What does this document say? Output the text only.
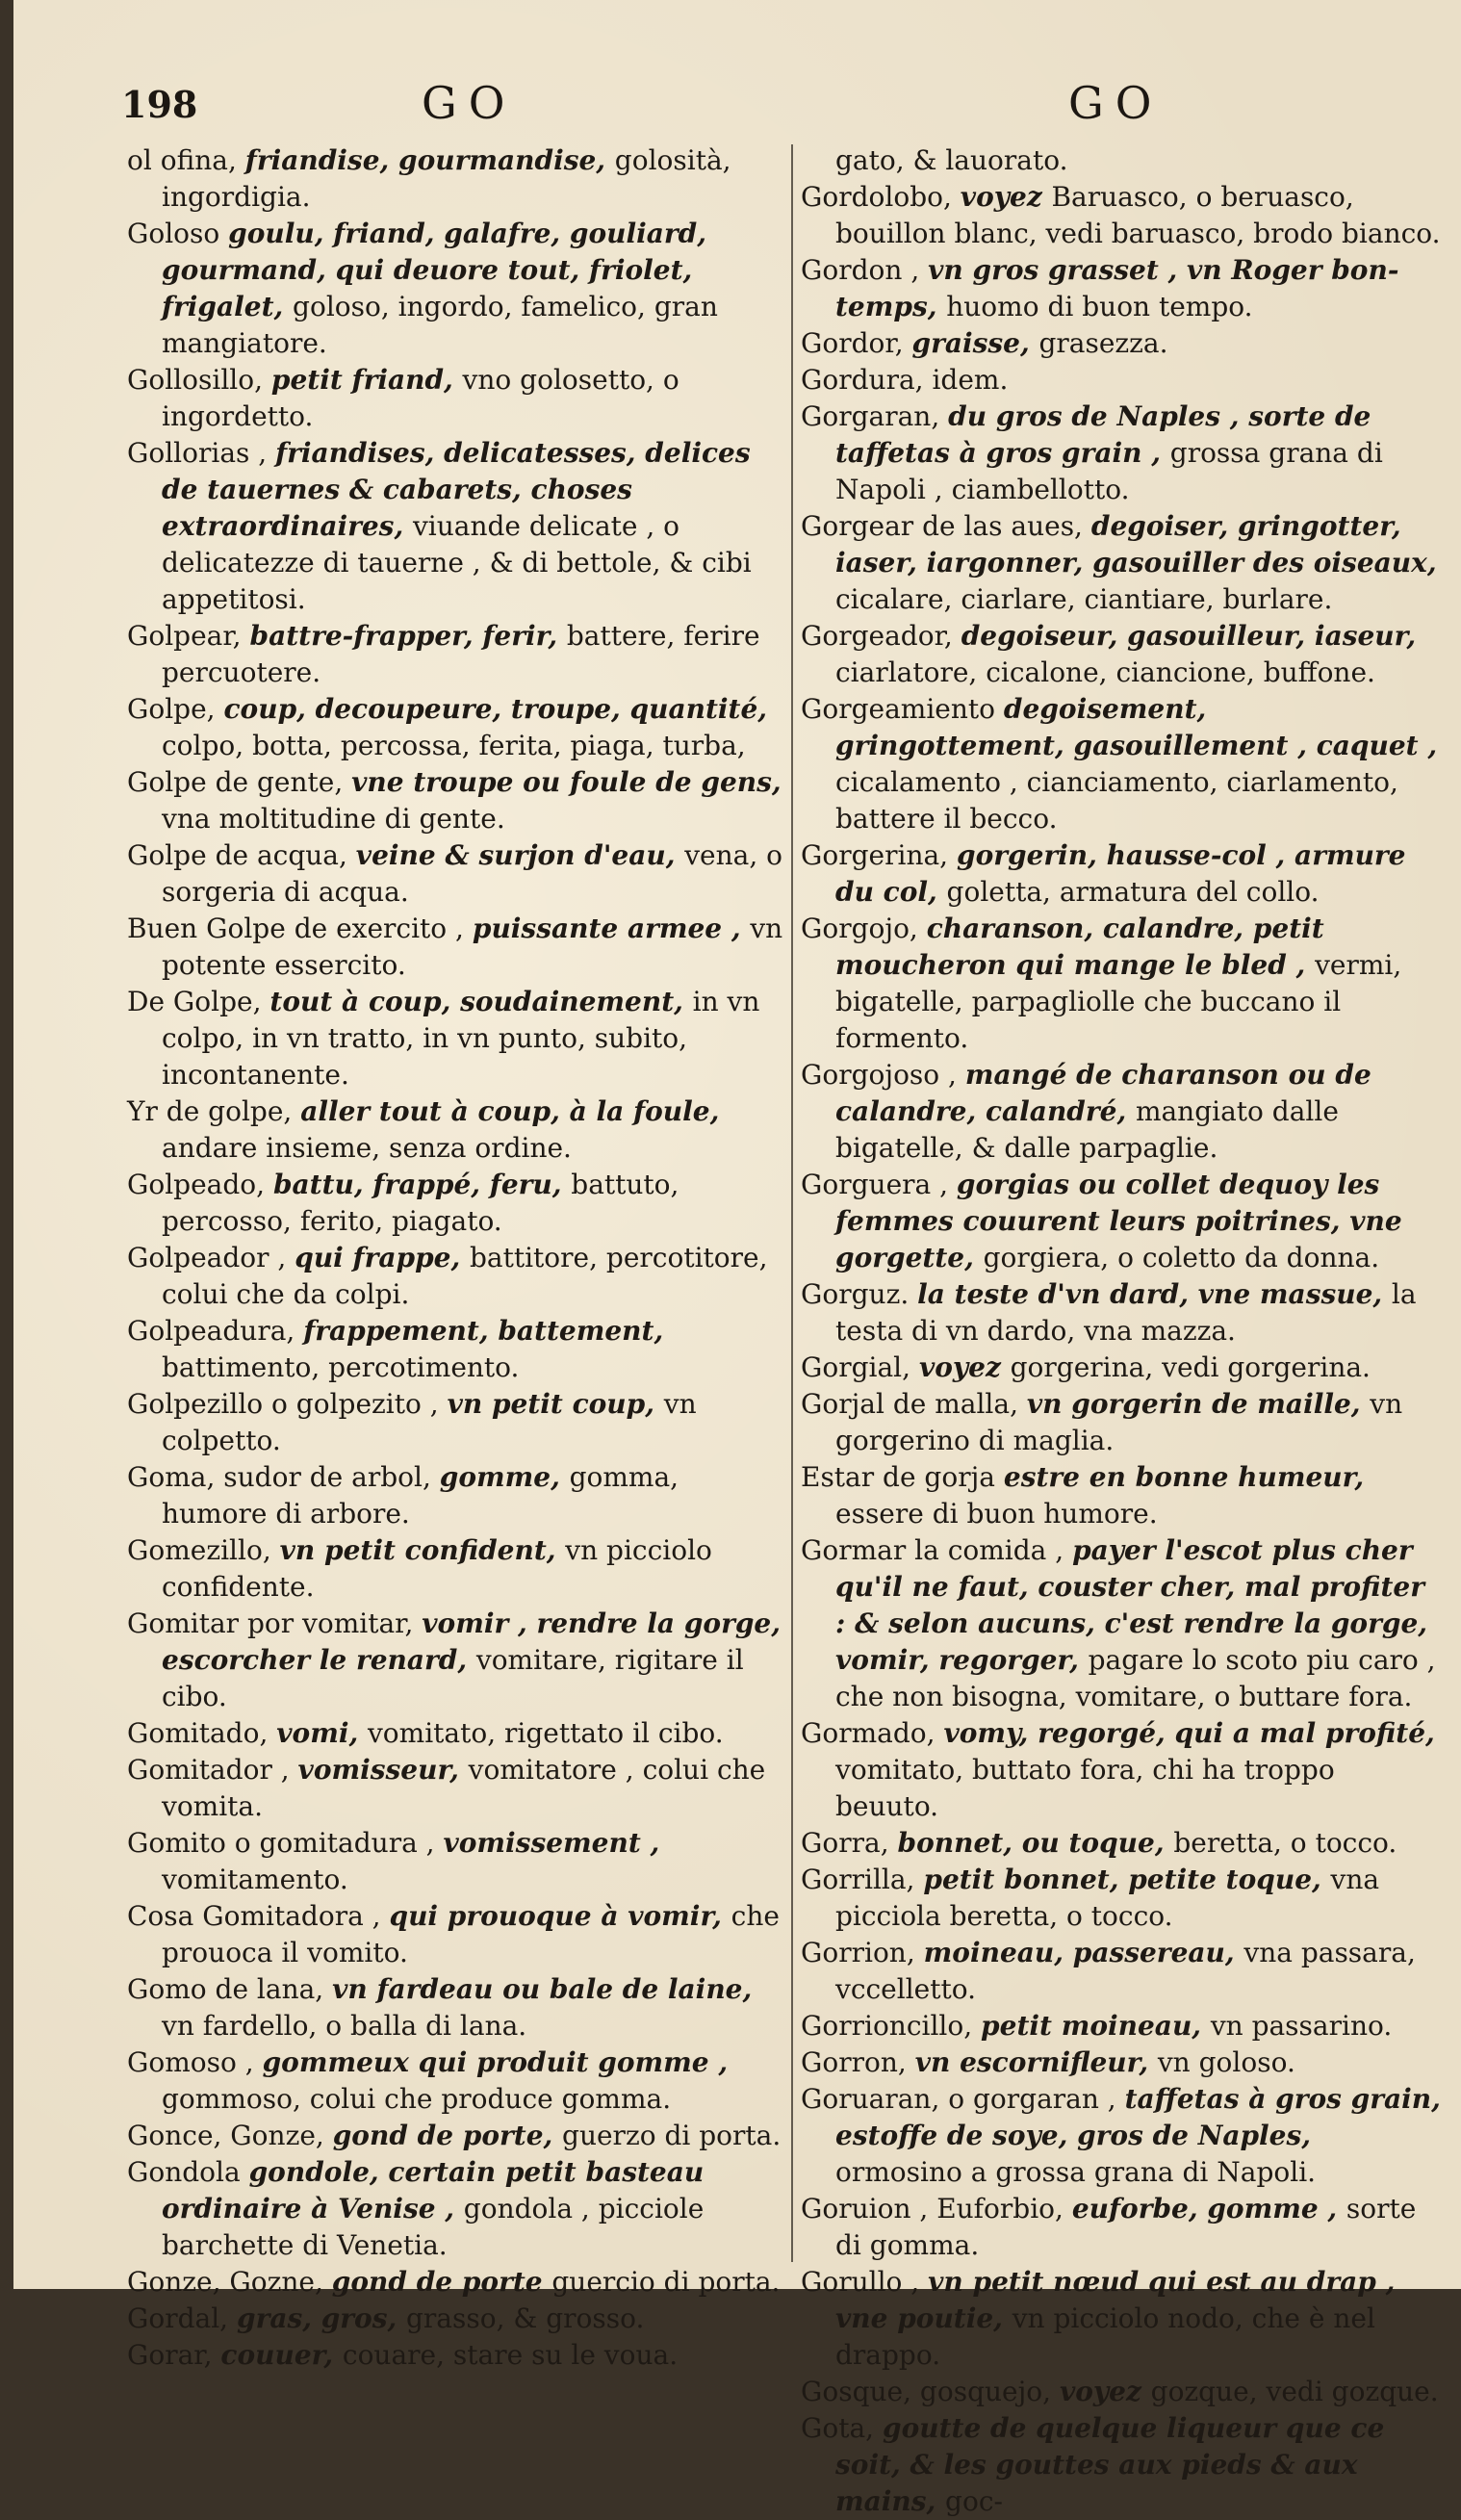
198	GO	GO

ol ofina, friandise, gourmandise, golosità, ingordigia.

Goloso goulu, friand, galafre, gouliard, gourmand, qui deuore tout, friolet, frigalet, goloso, ingordo, famelico, gran mangiatore.

Gollosillo, petit friand, vno golosetto, o ingordetto.

Gollorias , friandises, delicatesses, delices de tauernes & cabarets, choses extraordinaires, viuande delicate , o delicatezze di tauerne , & di bettole, & cibi appetitosi.

Golpear, battre-frapper, ferir, battere, ferire percuotere.

Golpe, coup, decoupeure, troupe, quantité, colpo, botta, percossa, ferita, piaga, turba,

Golpe de gente, vne troupe ou foule de gens, vna moltitudine di gente.

Golpe de acqua, veine & surjon d'eau, vena, o sorgeria di acqua.

Buen Golpe de exercito , puissante armee , vn potente essercito.

De Golpe, tout à coup, soudainement, in vn colpo, in vn tratto, in vn punto, subito, incontanente.

Yr de golpe, aller tout à coup, à la foule, andare insieme, senza ordine.

Golpeado, battu, frappé, feru, battuto, percosso, ferito, piagato.

Golpeador , qui frappe, battitore, percotitore, colui che da colpi.

Golpeadura, frappement, battement, battimento, percotimento.

Golpezillo o golpezito , vn petit coup, vn colpetto.

Goma, sudor de arbol, gomme, gomma, humore di arbore.

Gomezillo, vn petit confident, vn picciolo confidente.

Gomitar por vomitar, vomir , rendre la gorge, escorcher le renard, vomitare, rigitare il cibo.

Gomitado, vomi, vomitato, rigettato il cibo.

Gomitador , vomisseur, vomitatore , colui che vomita.

Gomito o gomitadura , vomissement , vomitamento.

Cosa Gomitadora , qui prouoque à vomir, che prouoca il vomito.

Gomo de lana, vn fardeau ou bale de laine, vn fardello, o balla di lana.

Gomoso , gommeux qui produit gomme , gommoso, colui che produce gomma.

Gonce, Gonze, gond de porte, guerzo di porta.

Gondola gondole, certain petit basteau ordinaire à Venise , gondola , picciole barchette di Venetia.

Gonze, Gozne, gond de porte guercio di porta.

Gordal, gras, gros, grasso, & grosso.

Gorar, couuer, couare, stare su le voua.

gato, & lauorato.

Gordolobo, voyez Baruasco, o beruasco, bouillon blanc, vedi baruasco, brodo bianco.

Gordon , vn gros grasset , vn Roger bon-temps, huomo di buon tempo.

Gordor, graisse, grasezza.

Gordura, idem.

Gorgaran, du gros de Naples , sorte de taffetas à gros grain , grossa grana di Napoli , ciambellotto.

Gorgear de las aues, degoiser, gringotter, iaser, iargonner, gasouiller des oiseaux, cicalare, ciarlare, ciantiare, burlare.

Gorgeador, degoiseur, gasouilleur, iaseur, ciarlatore, cicalone, ciancione, buffone.

Gorgeamiento degoisement, gringottement, gasouillement , caquet , cicalamento , cianciamento, ciarlamento, battere il becco.

Gorgerina, gorgerin, hausse-col , armure du col, goletta, armatura del collo.

Gorgojo, charanson, calandre, petit moucheron qui mange le bled , vermi, bigatelle, parpagliolle che buccano il formento.

Gorgojoso , mangé de charanson ou de calandre, calandré, mangiato dalle bigatelle, & dalle parpaglie.

Gorguera , gorgias ou collet dequoy les femmes couurent leurs poitrines, vne gorgette, gorgiera, o coletto da donna.

Gorguz. la teste d'vn dard, vne massue, la testa di vn dardo, vna mazza.

Gorgial, voyez gorgerina, vedi gorgerina.

Gorjal de malla, vn gorgerin de maille, vn gorgerino di maglia.

Estar de gorja estre en bonne humeur, essere di buon humore.

Gormar la comida , payer l'escot plus cher qu'il ne faut, couster cher, mal profiter : & selon aucuns, c'est rendre la gorge, vomir, regorger, pagare lo scoto piu caro , che non bisogna, vomitare, o buttare fora.

Gormado, vomy, regorgé, qui a mal profité, vomitato, buttato fora, chi ha troppo beuuto.

Gorra, bonnet, ou toque, beretta, o tocco.

Gorrilla, petit bonnet, petite toque, vna picciola beretta, o tocco.

Gorrion, moineau, passereau, vna passara, vccelletto.

Gorrioncillo, petit moineau, vn passarino.

Gorron, vn escornifleur, vn goloso.

Goruaran, o gorgaran , taffetas à gros grain, estoffe de soye, gros de Naples, ormosino a grossa grana di Napoli.

Goruion , Euforbio, euforbe, gomme , sorte di gomma.

Gorullo , vn petit nœud qui est au drap , vne poutie, vn picciolo nodo, che è nel drappo.

Gosque, gosquejo, voyez gozque, vedi gozque.

Gota, goutte de quelque liqueur que ce soit, & les gouttes aux pieds & aux mains, goc-
